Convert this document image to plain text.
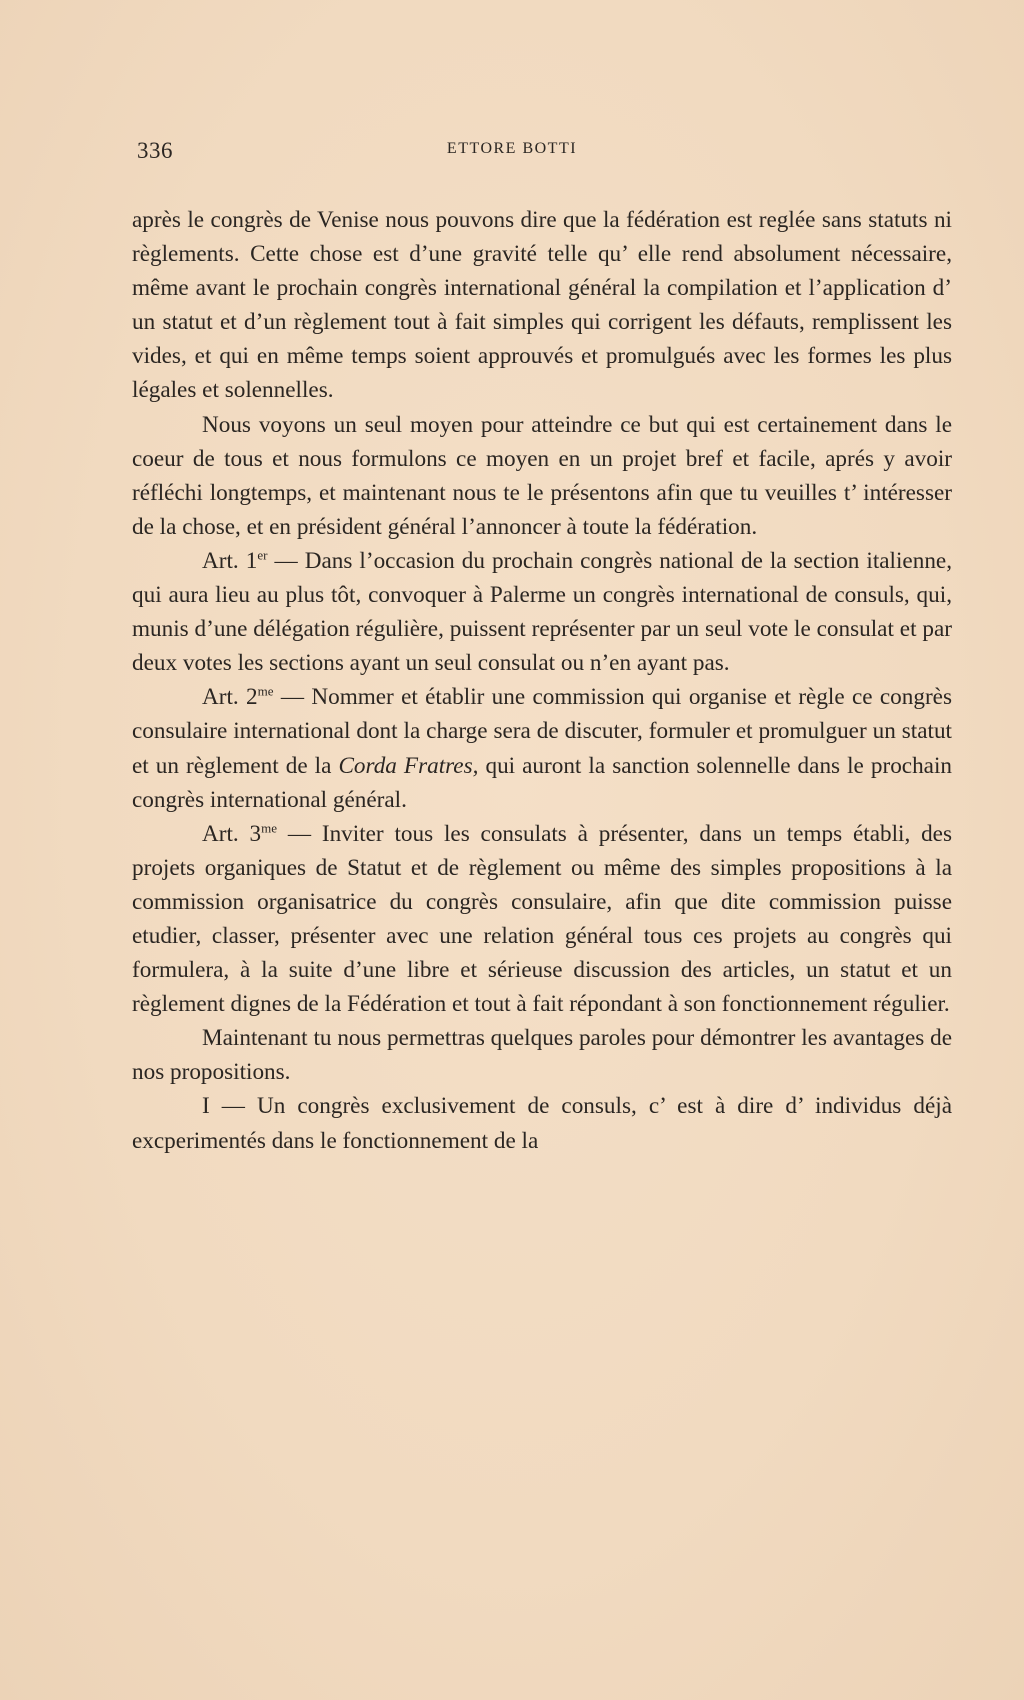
336	ETTORE BOTTI

après le congrès de Venise nous pouvons dire que la fédération est reglée sans statuts ni règlements. Cette chose est d’une gravité telle qu’ elle rend absolument nécessaire, même avant le prochain congrès international général la compilation et l’application d’ un statut et d’un règlement tout à fait simples qui corrigent les défauts, remplissent les vides, et qui en même temps soient approuvés et promulgués avec les formes les plus légales et solennelles.

Nous voyons un seul moyen pour atteindre ce but qui est certainement dans le coeur de tous et nous formulons ce moyen en un projet bref et facile, aprés y avoir réfléchi longtemps, et maintenant nous te le présentons afin que tu veuilles t’ intéresser de la chose, et en président général l’annoncer à toute la fédération.

Art. 1er — Dans l’occasion du prochain congrès national de la section italienne, qui aura lieu au plus tôt, convoquer à Palerme un congrès international de consuls, qui, munis d’une délégation régulière, puissent représenter par un seul vote le consulat et par deux votes les sections ayant un seul consulat ou n’en ayant pas.

Art. $2^{me}$ — Nommer et établir une commission qui organise et règle ce congrès consulaire international dont la charge sera de discuter, formuler et promulguer un statut et un règlement de la Corda Fratres, qui auront la sanction solennelle dans le prochain congrès international général.

Art. $3^{me}$ — Inviter tous les consulats à présenter, dans un temps établi, des projets organiques de Statut et de règlement ou même des simples propositions à la commission organisatrice du congrès consulaire, afin que dite commission puisse etudier, classer, présenter avec une relation général tous ces projets au congrès qui formulera, à la suite d’une libre et sérieuse discussion des articles, un statut et un règlement dignes de la Fédération et tout à fait répondant à son fonctionnement régulier.

Maintenant tu nous permettras quelques paroles pour démontrer les avantages de nos propositions.

I — Un congrès exclusivement de consuls, c’ est à dire d’ individus déjà excperimentés dans le fonctionnement de la
